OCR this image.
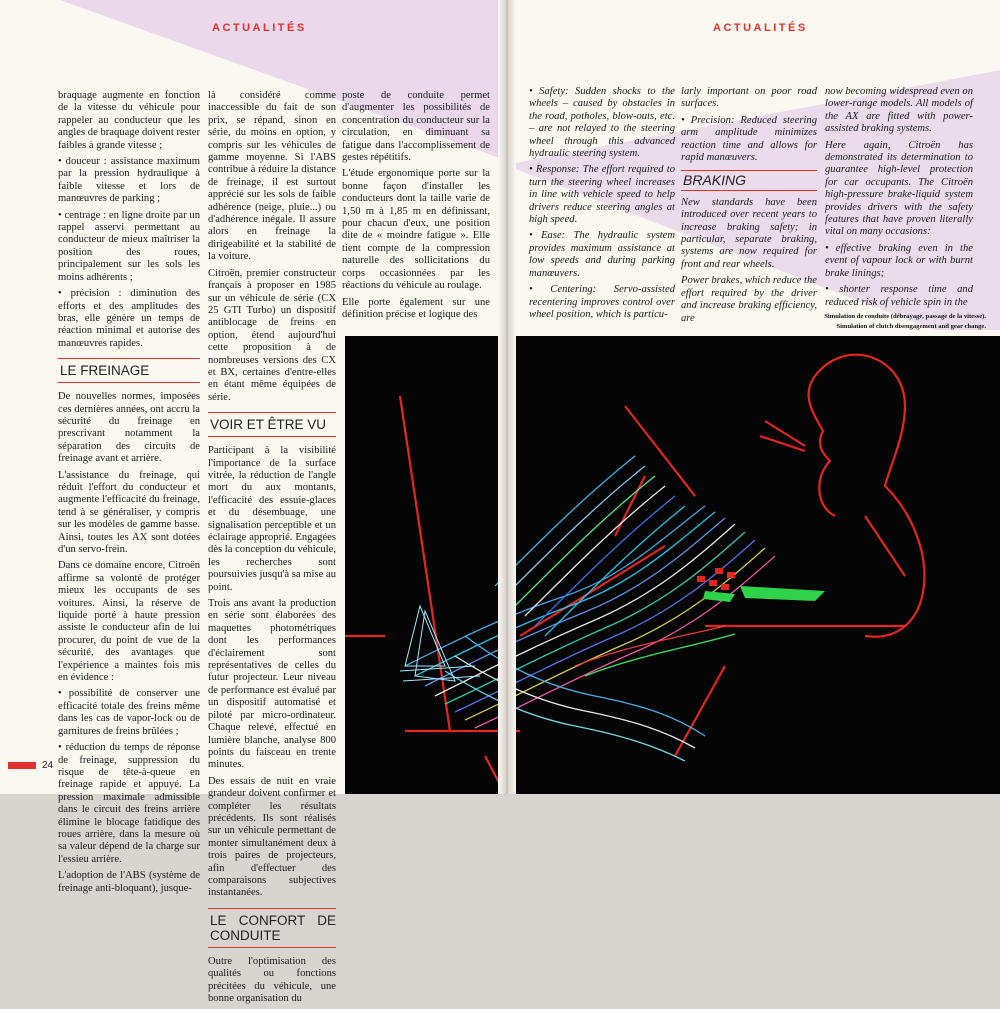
ACTUALITÉS

braquage augmente en fonction de la vitesse du véhicule pour rappeler au conducteur que les angles de braquage doivent rester faibles à grande vitesse ;

• douceur : assistance maximum par la pression hydraulique à faible vitesse et lors de manœuvres de parking ;

• centrage : en ligne droite par un rappel asservi permettant au conducteur de mieux maîtriser la position des roues, principalement sur les sols les moins adhérents ;

• précision : diminution des efforts et des amplitudes des bras, elle génère un temps de réaction minimal et autorise des manœuvres rapides.

LE FREINAGE

De nouvelles normes, imposées ces dernières années, ont accru la sécurité du freinage en prescrivant notamment la séparation des circuits de freinage avant et arrière.

L'assistance du freinage, qui réduit l'effort du conducteur et augmente l'efficacité du freinage, tend à se généraliser, y compris sur les modèles de gamme basse. Ainsi, toutes les AX sont dotées d'un servo-frein.

Dans ce domaine encore, Citroën affirme sa volonté de protéger mieux les occupants de ses voitures. Ainsi, la réserve de liquide porté à haute pression assiste le conducteur afin de lui procurer, du point de vue de la sécurité, des avantages que l'expérience a maintes fois mis en évidence :

• possibilité de conserver une efficacité totale des freins même dans les cas de vapor-lock ou de garnitures de freins brûlées ;

• réduction du temps de réponse de freinage, suppression du risque de tête-à-queue en freinage rapide et appuyé. La pression maximale admissible dans le circuit des freins arrière élimine le blocage fatidique des roues arrière, dans la mesure où sa valeur dépend de la charge sur l'essieu arrière.

L'adoption de l'ABS (système de freinage anti-bloquant), jusque-

là considéré comme inaccessible du fait de son prix, se répand, sinon en série, du moins en option, y compris sur les véhicules de gamme moyenne. Si l'ABS contribue à réduire la distance de freinage, il est surtout apprécié sur les sols de faible adhérence (neige, pluie...) ou d'adhérence inégale. Il assure alors en freinage la dirigeabilité et la stabilité de la voiture.

Citroën, premier constructeur français à proposer en 1985 sur un véhicule de série (CX 25 GTI Turbo) un dispositif antiblocage de freins en option, étend aujourd'hui cette proposition à de nombreuses versions des CX et BX, certaines d'entre-elles en étant même équipées de série.

VOIR ET ÊTRE VU

Participant à la visibilité l'importance de la surface vitrée, la réduction de l'angle mort du aux montants, l'efficacité des essuie-glaces et du désembuage, une signalisation perceptible et un éclairage approprié. Engagées dès la conception du véhicule, les recherches sont poursuivies jusqu'à sa mise au point.

Trois ans avant la production en série sont élaborées des maquettes photométriques dont les performances d'éclairement sont représentatives de celles du futur projecteur. Leur niveau de performance est évalué par un dispositif automatisé et piloté par micro-ordinateur. Chaque relevé, effectué en lumière blanche, analyse 800 points du faisceau en trente minutes.

Des essais de nuit en vraie grandeur doivent confirmer et compléter les résultats précédents. Ils sont réalisés sur un véhicule permettant de monter simultanément deux à trois paires de projecteurs, afin d'effectuer des comparaisons subjectives instantanées.

LE CONFORT DE CONDUITE

Outre l'optimisation des qualités ou fonctions précitées du véhicule, une bonne organisation du

poste de conduite permet d'augmenter les possibilités de concentration du conducteur sur la circulation, en diminuant sa fatigue dans l'accomplissement de gestes répétitifs.

L'étude ergonomique porte sur la bonne façon d'installer les conducteurs dont la taille varie de 1,50 m à 1,85 m en définissant, pour chacun d'eux, une position dite de « moindre fatigue ». Elle tient compte de la compression naturelle des sollicitations du corps occasionnées par les réactions du véhicule au roulage.

Elle porte également sur une définition précise et logique des

24
ACTUALITÉS

• Safety: Sudden shocks to the wheels – caused by obstacles in the road, potholes, blow-outs, etc. – are not relayed to the steering wheel through this advanced hydraulic steering system.

• Response: The effort required to turn the steering wheel increases in line with vehicle speed to help drivers reduce steering angles at high speed.

• Ease: The hydraulic system provides maximum assistance at low speeds and during parking manœuvers.

• Centering: Servo-assisted recentering improves control over wheel position, which is particu-

larly important on poor road surfaces.

• Precision: Reduced steering arm amplitude minimizes reaction time and allows for rapid manœuvers.

BRAKING

New standards have been introduced over recent years to increase braking safety; in particular, separate braking, systems are now required for front and rear wheels.

Power brakes, which reduce the effort required by the driver and increase braking efficiency, are

now becoming widespread even on lower-range models. All models of the AX are fitted with power-assisted braking systems.

Here again, Citroën has demonstrated its determination to guarantee high-level protection for car occupants. The Citroën high-pressure brake-liquid system provides drivers with the safety features that have proven literally vital on many occasions:

• effective braking even in the event of vapour lock or with burnt brake linings;

• shorter response time and reduced risk of vehicle spin in the

Simulation de conduite (débrayage, passage de la vitesse).
Simulation of clutch disengagement and gear change.
